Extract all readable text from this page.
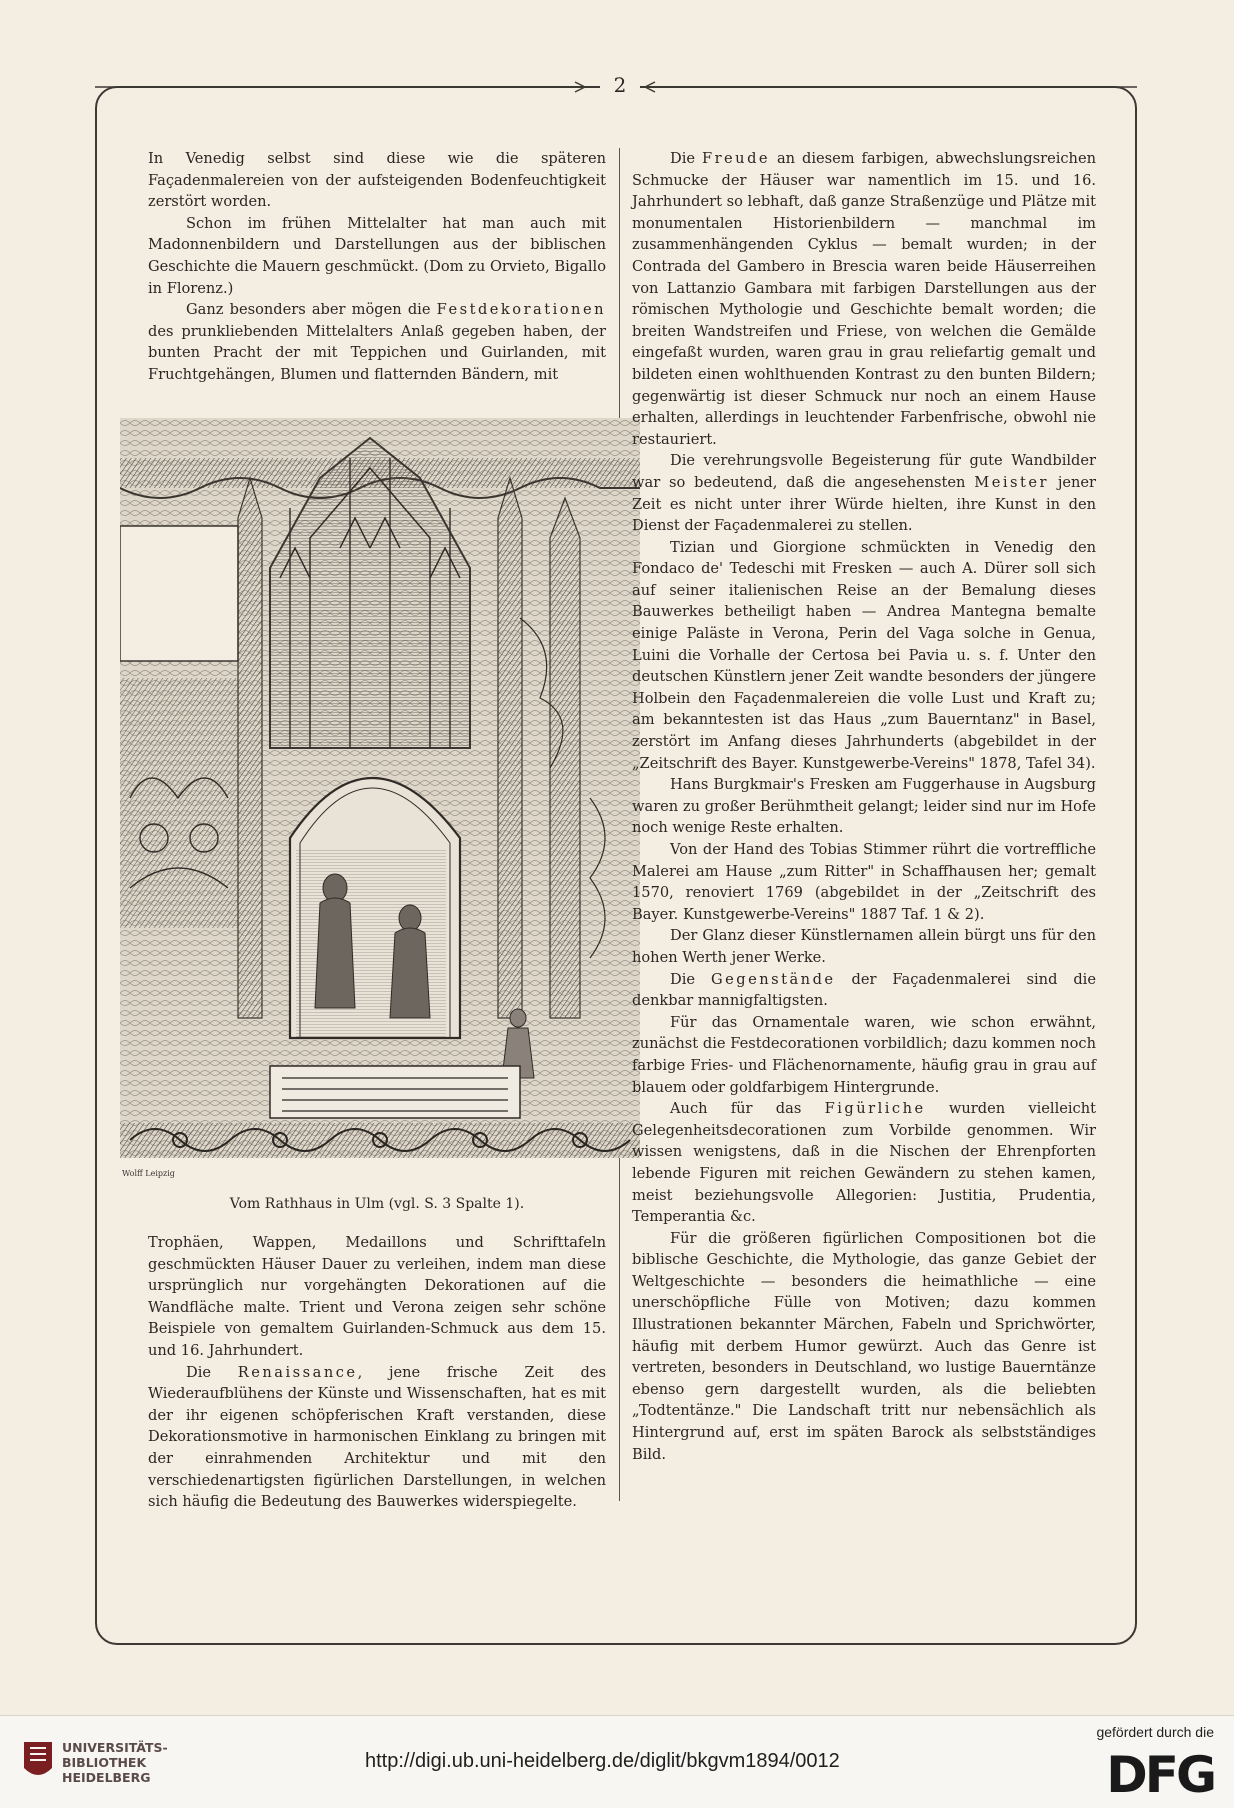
2

In Venedig selbst sind diese wie die späteren Façadenmalereien von der aufsteigenden Bodenfeuchtigkeit zerstört worden.

Schon im frühen Mittelalter hat man auch mit Madonnenbildern und Darstellungen aus der biblischen Geschichte die Mauern geschmückt. (Dom zu Orvieto, Bigallo in Florenz.)

Ganz besonders aber mögen die Festdekorationen des prunkliebenden Mittelalters Anlaß gegeben haben, der bunten Pracht der mit Teppichen und Guirlanden, mit Fruchtgehängen, Blumen und flatternden Bändern, mit

Wolff Leipzig
Vom Rathhaus in Ulm (vgl. S. 3 Spalte 1).

Trophäen, Wappen, Medaillons und Schrifttafeln geschmückten Häuser Dauer zu verleihen, indem man diese ursprünglich nur vorgehängten Dekorationen auf die Wandfläche malte. Trient und Verona zeigen sehr schöne Beispiele von gemaltem Guirlanden-Schmuck aus dem 15. und 16. Jahrhundert.

Die Renaissance, jene frische Zeit des Wiederaufblühens der Künste und Wissenschaften, hat es mit der ihr eigenen schöpferischen Kraft verstanden, diese Dekorationsmotive in harmonischen Einklang zu bringen mit der einrahmenden Architektur und mit den verschiedenartigsten figürlichen Darstellungen, in welchen sich häufig die Bedeutung des Bauwerkes widerspiegelte.

Die Freude an diesem farbigen, abwechslungsreichen Schmucke der Häuser war namentlich im 15. und 16. Jahrhundert so lebhaft, daß ganze Straßenzüge und Plätze mit monumentalen Historienbildern — manchmal im zusammenhängenden Cyklus — bemalt wurden; in der Contrada del Gambero in Brescia waren beide Häuserreihen von Lattanzio Gambara mit farbigen Darstellungen aus der römischen Mythologie und Geschichte bemalt worden; die breiten Wandstreifen und Friese, von welchen die Gemälde eingefaßt wurden, waren grau in grau reliefartig gemalt und bildeten einen wohlthuenden Kontrast zu den bunten Bildern; gegenwärtig ist dieser Schmuck nur noch an einem Hause erhalten, allerdings in leuchtender Farbenfrische, obwohl nie restauriert.

Die verehrungsvolle Begeisterung für gute Wandbilder war so bedeutend, daß die angesehensten Meister jener Zeit es nicht unter ihrer Würde hielten, ihre Kunst in den Dienst der Façadenmalerei zu stellen.

Tizian und Giorgione schmückten in Venedig den Fondaco de' Tedeschi mit Fresken — auch A. Dürer soll sich auf seiner italienischen Reise an der Bemalung dieses Bauwerkes betheiligt haben — Andrea Mantegna bemalte einige Paläste in Verona, Perin del Vaga solche in Genua, Luini die Vorhalle der Certosa bei Pavia u. s. f. Unter den deutschen Künstlern jener Zeit wandte besonders der jüngere Holbein den Façadenmalereien die volle Lust und Kraft zu; am bekanntesten ist das Haus „zum Bauerntanz" in Basel, zerstört im Anfang dieses Jahrhunderts (abgebildet in der „Zeitschrift des Bayer. Kunstgewerbe-Vereins" 1878, Tafel 34).

Hans Burgkmair's Fresken am Fuggerhause in Augsburg waren zu großer Berühmtheit gelangt; leider sind nur im Hofe noch wenige Reste erhalten.

Von der Hand des Tobias Stimmer rührt die vortreffliche Malerei am Hause „zum Ritter" in Schaffhausen her; gemalt 1570, renoviert 1769 (abgebildet in der „Zeitschrift des Bayer. Kunstgewerbe-Vereins" 1887 Taf. 1 & 2).

Der Glanz dieser Künstlernamen allein bürgt uns für den hohen Werth jener Werke.

Die Gegenstände der Façadenmalerei sind die denkbar mannigfaltigsten.

Für das Ornamentale waren, wie schon erwähnt, zunächst die Festdecorationen vorbildlich; dazu kommen noch farbige Fries- und Flächenornamente, häufig grau in grau auf blauem oder goldfarbigem Hintergrunde.

Auch für das Figürliche wurden vielleicht Gelegenheitsdecorationen zum Vorbilde genommen. Wir wissen wenigstens, daß in die Nischen der Ehrenpforten lebende Figuren mit reichen Gewändern zu stehen kamen, meist beziehungsvolle Allegorien: Justitia, Prudentia, Temperantia &c.

Für die größeren figürlichen Compositionen bot die biblische Geschichte, die Mythologie, das ganze Gebiet der Weltgeschichte — besonders die heimathliche — eine unerschöpfliche Fülle von Motiven; dazu kommen Illustrationen bekannter Märchen, Fabeln und Sprichwörter, häufig mit derbem Humor gewürzt. Auch das Genre ist vertreten, besonders in Deutschland, wo lustige Bauerntänze ebenso gern dargestellt wurden, als die beliebten „Todtentänze." Die Landschaft tritt nur nebensächlich als Hintergrund auf, erst im späten Barock als selbstständiges Bild.

UNIVERSITÄTS-
BIBLIOTHEK
HEIDELBERG
http://digi.ub.uni-heidelberg.de/diglit/bkgvm1894/0012
gefördert durch die
DFG
